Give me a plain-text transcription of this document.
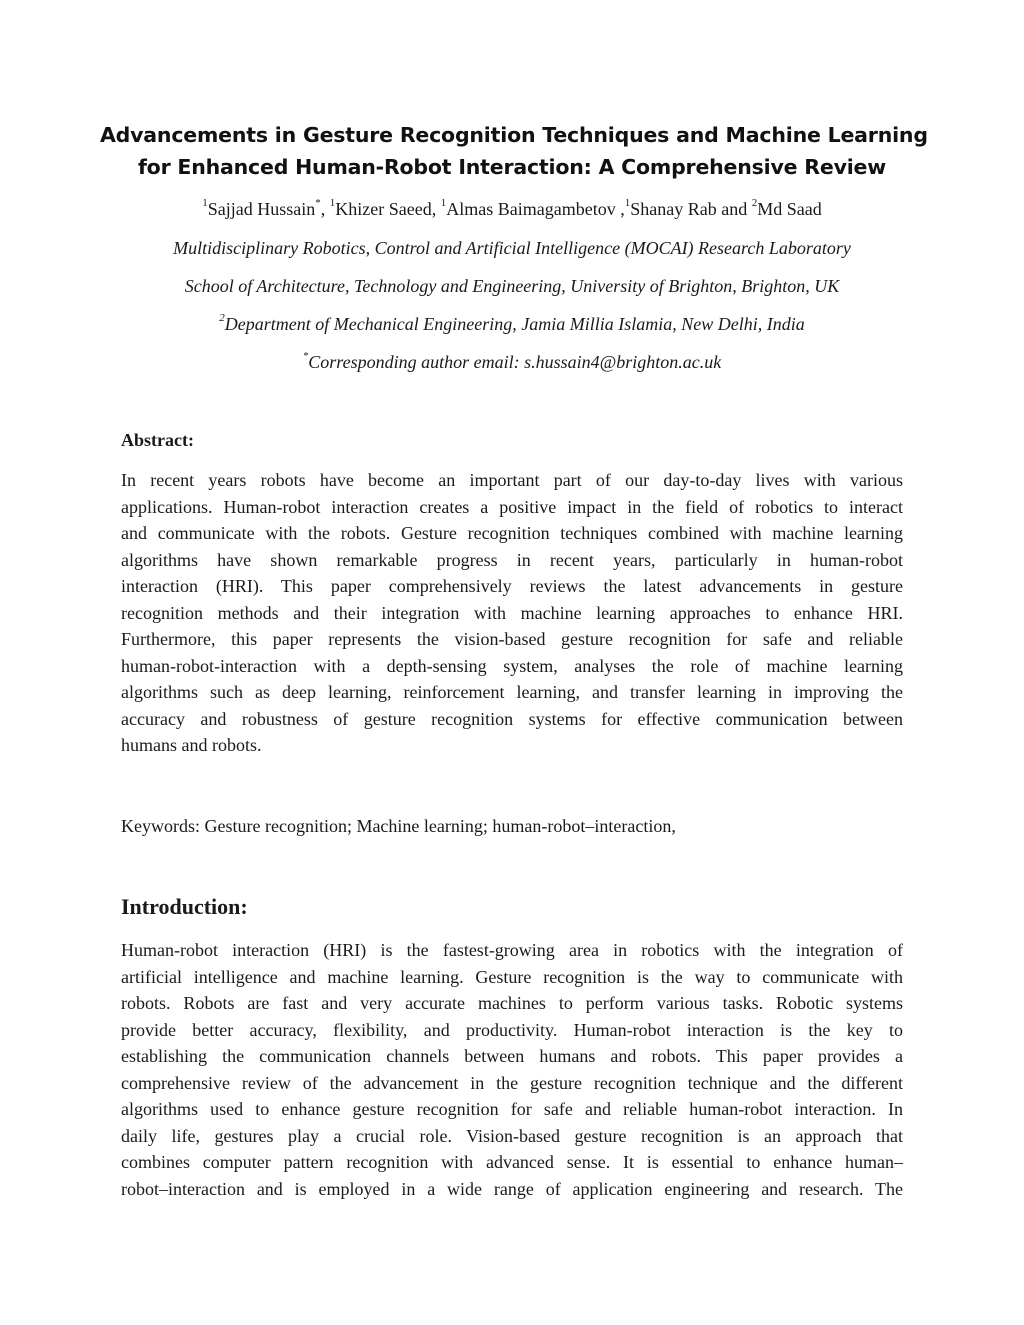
Advancements in Gesture Recognition Techniques and Machine Learning
for Enhanced Human-Robot Interaction: A Comprehensive Review
$^1$Sajjad Hussain*, $^1$Khizer Saeed, $^1$Almas Baimagambetov ,$^1$Shanay Rab and $^2$Md Saad
Multidisciplinary Robotics, Control and Artificial Intelligence (MOCAI) Research Laboratory
School of Architecture, Technology and Engineering, University of Brighton, Brighton, UK
$^2$Department of Mechanical Engineering, Jamia Millia Islamia, New Delhi, India
*Corresponding author email: s.hussain4@brighton.ac.uk
Abstract:
In recent years robots have become an important part of our day-to-day lives with various
applications. Human-robot interaction creates a positive impact in the field of robotics to interact
and communicate with the robots. Gesture recognition techniques combined with machine learning
algorithms have shown remarkable progress in recent years, particularly in human-robot
interaction (HRI). This paper comprehensively reviews the latest advancements in gesture
recognition methods and their integration with machine learning approaches to enhance HRI.
Furthermore, this paper represents the vision-based gesture recognition for safe and reliable
human-robot-interaction with a depth-sensing system, analyses the role of machine learning
algorithms such as deep learning, reinforcement learning, and transfer learning in improving the
accuracy and robustness of gesture recognition systems for effective communication between
humans and robots.
Keywords: Gesture recognition; Machine learning; human-robot–interaction,
Introduction:
Human-robot interaction (HRI) is the fastest-growing area in robotics with the integration of
artificial intelligence and machine learning. Gesture recognition is the way to communicate with
robots. Robots are fast and very accurate machines to perform various tasks. Robotic systems
provide better accuracy, flexibility, and productivity. Human-robot interaction is the key to
establishing the communication channels between humans and robots. This paper provides a
comprehensive review of the advancement in the gesture recognition technique and the different
algorithms used to enhance gesture recognition for safe and reliable human-robot interaction. In
daily life, gestures play a crucial role. Vision-based gesture recognition is an approach that
combines computer pattern recognition with advanced sense. It is essential to enhance human–
robot–interaction and is employed in a wide range of application engineering and research. The
